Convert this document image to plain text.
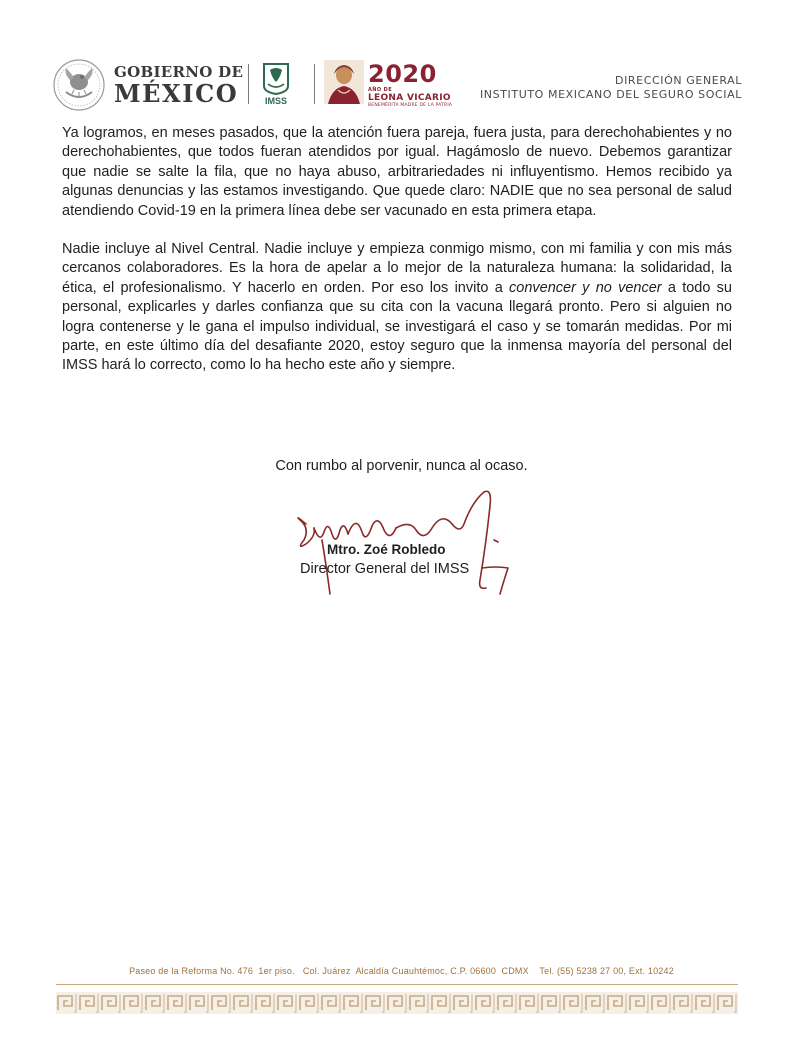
GOBIERNO DE
MÉXICO	IMSS
2020
AÑO DE
LEONA VICARIO
BENEMÉRITA MADRE DE LA PATRIA
DIRECCIÓN GENERAL
INSTITUTO MEXICANO DEL SEGURO SOCIAL

Ya logramos, en meses pasados, que la atención fuera pareja, fuera justa, para derechohabientes y no derechohabientes, que todos fueran atendidos por igual. Hagámoslo de nuevo. Debemos garantizar que nadie se salte la fila, que no haya abuso, arbitrariedades ni influyentismo. Hemos recibido ya algunas denuncias y las estamos investigando. Que quede claro: NADIE que no sea personal de salud atendiendo Covid-19 en la primera línea debe ser vacunado en esta primera etapa.

Nadie incluye al Nivel Central. Nadie incluye y empieza conmigo mismo, con mi familia y con mis más cercanos colaboradores. Es la hora de apelar a lo mejor de la naturaleza humana: la solidaridad, la ética, el profesionalismo. Y hacerlo en orden. Por eso los invito a convencer y no vencer a todo su personal, explicarles y darles confianza que su cita con la vacuna llegará pronto. Pero si alguien no logra contenerse y le gana el impulso individual, se investigará el caso y se tomarán medidas. Por mi parte, en este último día del desafiante 2020, estoy seguro que la inmensa mayoría del personal del IMSS hará lo correcto, como lo ha hecho este año y siempre.

Con rumbo al porvenir, nunca al ocaso.
Mtro. Zoé Robledo
Director General del IMSS
Paseo de la Reforma No. 476  1er piso.   Col. Juárez  Alcaldía Cuauhtémoc, C.P. 06600  CDMX    Tel. (55) 5238 27 00, Ext. 10242
